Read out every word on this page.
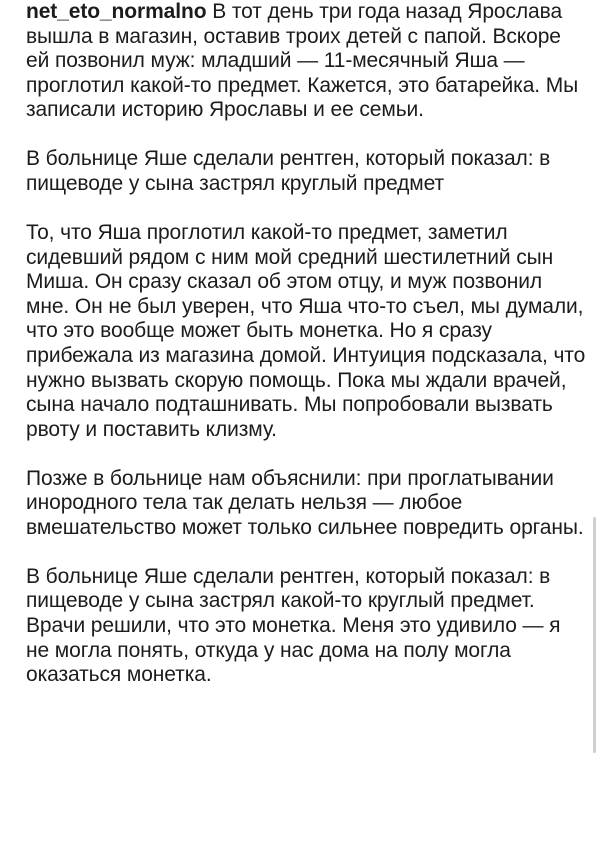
net_eto_normalno В тот день три года назад Ярослава вышла в магазин, оставив троих детей с папой. Вскоре ей позвонил муж: младший — 11-месячный Яша — проглотил какой-то предмет. Кажется, это батарейка. Мы записали историю Ярославы и ее семьи.

В больнице Яше сделали рентген, который показал: в пищеводе у сына застрял круглый предмет

То, что Яша проглотил какой-то предмет, заметил сидевший рядом с ним мой средний шестилетний сын Миша. Он сразу сказал об этом отцу, и муж позвонил мне. Он не был уверен, что Яша что-то съел, мы думали, что это вообще может быть монетка. Но я сразу прибежала из магазина домой. Интуиция подсказала, что нужно вызвать скорую помощь. Пока мы ждали врачей, сына начало подташнивать. Мы попробовали вызвать рвоту и поставить клизму.

Позже в больнице нам объяснили: при проглатывании инородного тела так делать нельзя — любое вмешательство может только сильнее повредить органы.

В больнице Яше сделали рентген, который показал: в пищеводе у сына застрял какой-то круглый предмет. Врачи решили, что это монетка. Меня это удивило — я не могла понять, откуда у нас дома на полу могла оказаться монетка.
